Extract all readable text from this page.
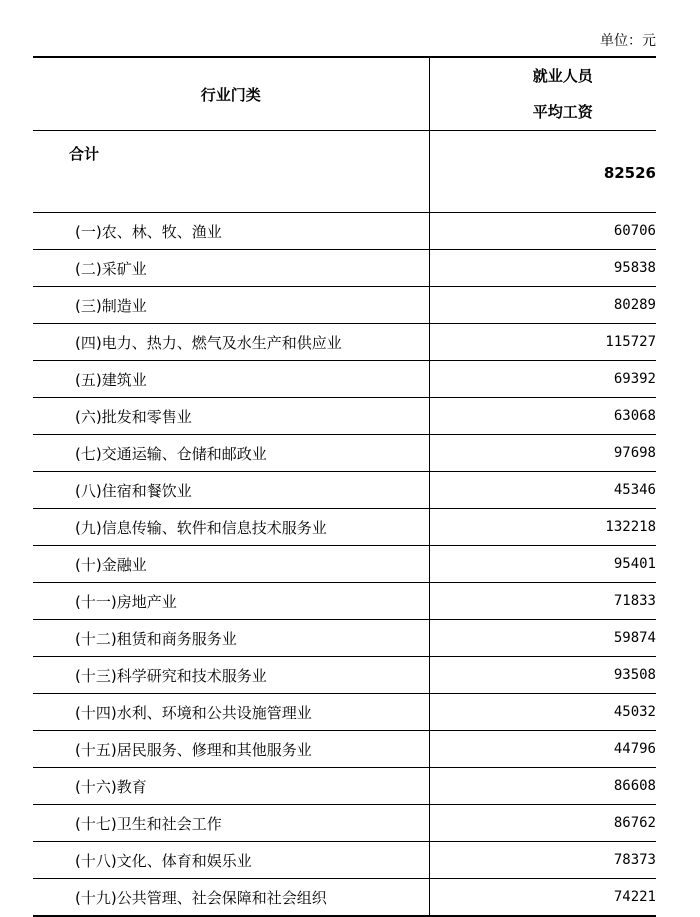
单位：元
行业门类	就业人员
平均工资

合计	82526
(一)农、林、牧、渔业	60706
(二)采矿业	95838
(三)制造业	80289
(四)电力、热力、燃气及水生产和供应业	115727
(五)建筑业	69392
(六)批发和零售业	63068
(七)交通运输、仓储和邮政业	97698
(八)住宿和餐饮业	45346
(九)信息传输、软件和信息技术服务业	132218
(十)金融业	95401
(十一)房地产业	71833
(十二)租赁和商务服务业	59874
(十三)科学研究和技术服务业	93508
(十四)水利、环境和公共设施管理业	45032
(十五)居民服务、修理和其他服务业	44796
(十六)教育	86608
(十七)卫生和社会工作	86762
(十八)文化、体育和娱乐业	78373
(十九)公共管理、社会保障和社会组织	74221
